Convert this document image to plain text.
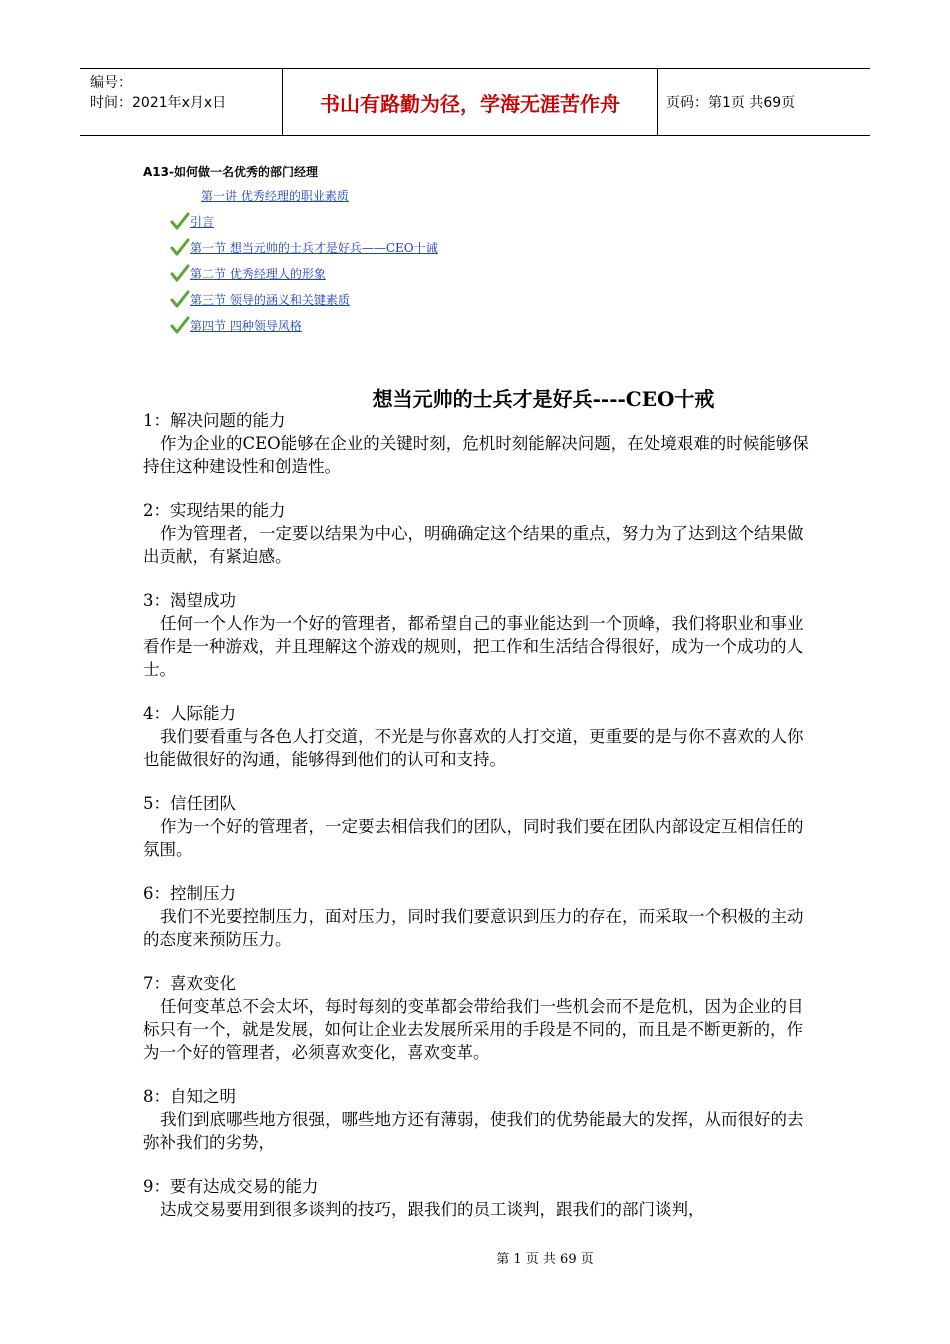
编号：
时间：2021年x月x日	书山有路勤为径，学海无涯苦作舟	页码：第1页 共69页
A13-如何做一名优秀的部门经理
第一讲 优秀经理的职业素质
引言
第一节 想当元帅的士兵才是好兵——CEO十诫
第二节 优秀经理人的形象
第三节 领导的涵义和关键素质
第四节 四种领导风格
想当元帅的士兵才是好兵----CEO十戒
1：解决问题的能力

作为企业的CEO能够在企业的关键时刻，危机时刻能解决问题，在处境艰难的时候能够保持住这种建设性和创造性。

2：实现结果的能力

作为管理者，一定要以结果为中心，明确确定这个结果的重点，努力为了达到这个结果做出贡献，有紧迫感。

3：渴望成功

任何一个人作为一个好的管理者，都希望自己的事业能达到一个顶峰，我们将职业和事业看作是一种游戏，并且理解这个游戏的规则，把工作和生活结合得很好，成为一个成功的人士。

4：人际能力

我们要看重与各色人打交道，不光是与你喜欢的人打交道，更重要的是与你不喜欢的人你也能做很好的沟通，能够得到他们的认可和支持。

5：信任团队

作为一个好的管理者，一定要去相信我们的团队，同时我们要在团队内部设定互相信任的氛围。

6：控制压力

我们不光要控制压力，面对压力，同时我们要意识到压力的存在，而采取一个积极的主动的态度来预防压力。

7：喜欢变化

任何变革总不会太坏，每时每刻的变革都会带给我们一些机会而不是危机，因为企业的目标只有一个，就是发展，如何让企业去发展所采用的手段是不同的，而且是不断更新的，作为一个好的管理者，必须喜欢变化，喜欢变革。

8：自知之明

我们到底哪些地方很强，哪些地方还有薄弱，使我们的优势能最大的发挥，从而很好的去弥补我们的劣势，

9：要有达成交易的能力

达成交易要用到很多谈判的技巧，跟我们的员工谈判，跟我们的部门谈判，

第 1 页 共 69 页
